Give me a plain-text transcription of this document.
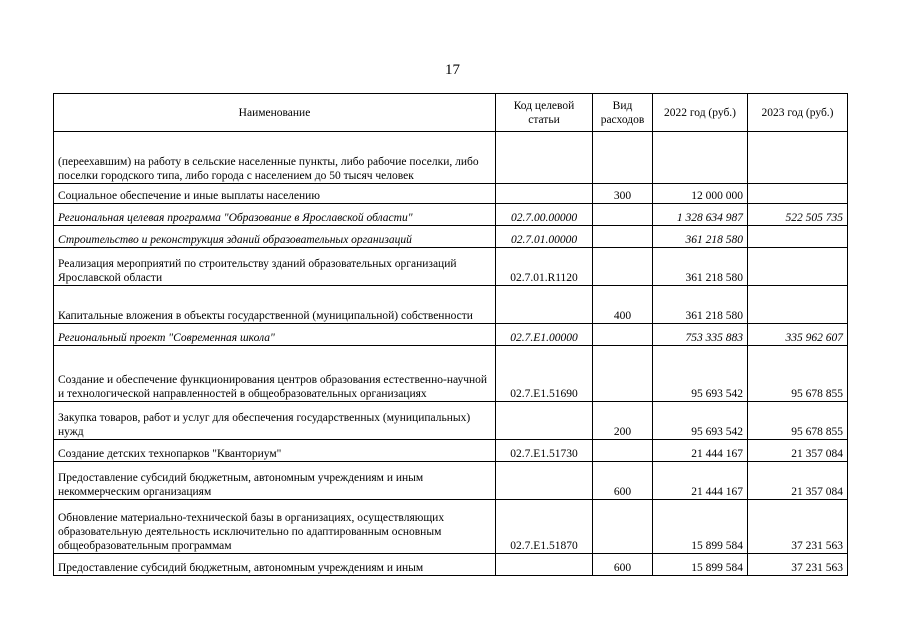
17
Наименование	Код целевой статьи	Вид расходов	2022 год (руб.)	2023 год (руб.)
(переехавшим) на работу в сельские населенные пункты, либо рабочие поселки, либо поселки городского типа, либо города с населением до 50 тысяч человек				
Социальное обеспечение и иные выплаты населению		300	12 000 000	
Региональная целевая программа "Образование в Ярославской области"	02.7.00.00000		1 328 634 987	522 505 735
Строительство и реконструкция зданий образовательных организаций	02.7.01.00000		361 218 580	
Реализация мероприятий по строительству зданий образовательных организаций Ярославской области	02.7.01.R1120		361 218 580	
Капитальные вложения в объекты государственной (муниципальной) собственности		400	361 218 580	
Региональный проект "Современная школа"	02.7.E1.00000		753 335 883	335 962 607
Создание и обеспечение функционирования центров образования естественно-научной и технологической направленностей в общеобразовательных организациях	02.7.E1.51690		95 693 542	95 678 855
Закупка товаров, работ и услуг для обеспечения государственных (муниципальных) нужд		200	95 693 542	95 678 855
Создание детских технопарков "Кванториум"	02.7.E1.51730		21 444 167	21 357 084
Предоставление субсидий бюджетным, автономным учреждениям и иным некоммерческим организациям		600	21 444 167	21 357 084
Обновление материально-технической базы в организациях, осуществляющих образовательную деятельность исключительно по адаптированным основным общеобразовательным программам	02.7.E1.51870		15 899 584	37 231 563
Предоставление субсидий бюджетным, автономным учреждениям и иным		600	15 899 584	37 231 563
